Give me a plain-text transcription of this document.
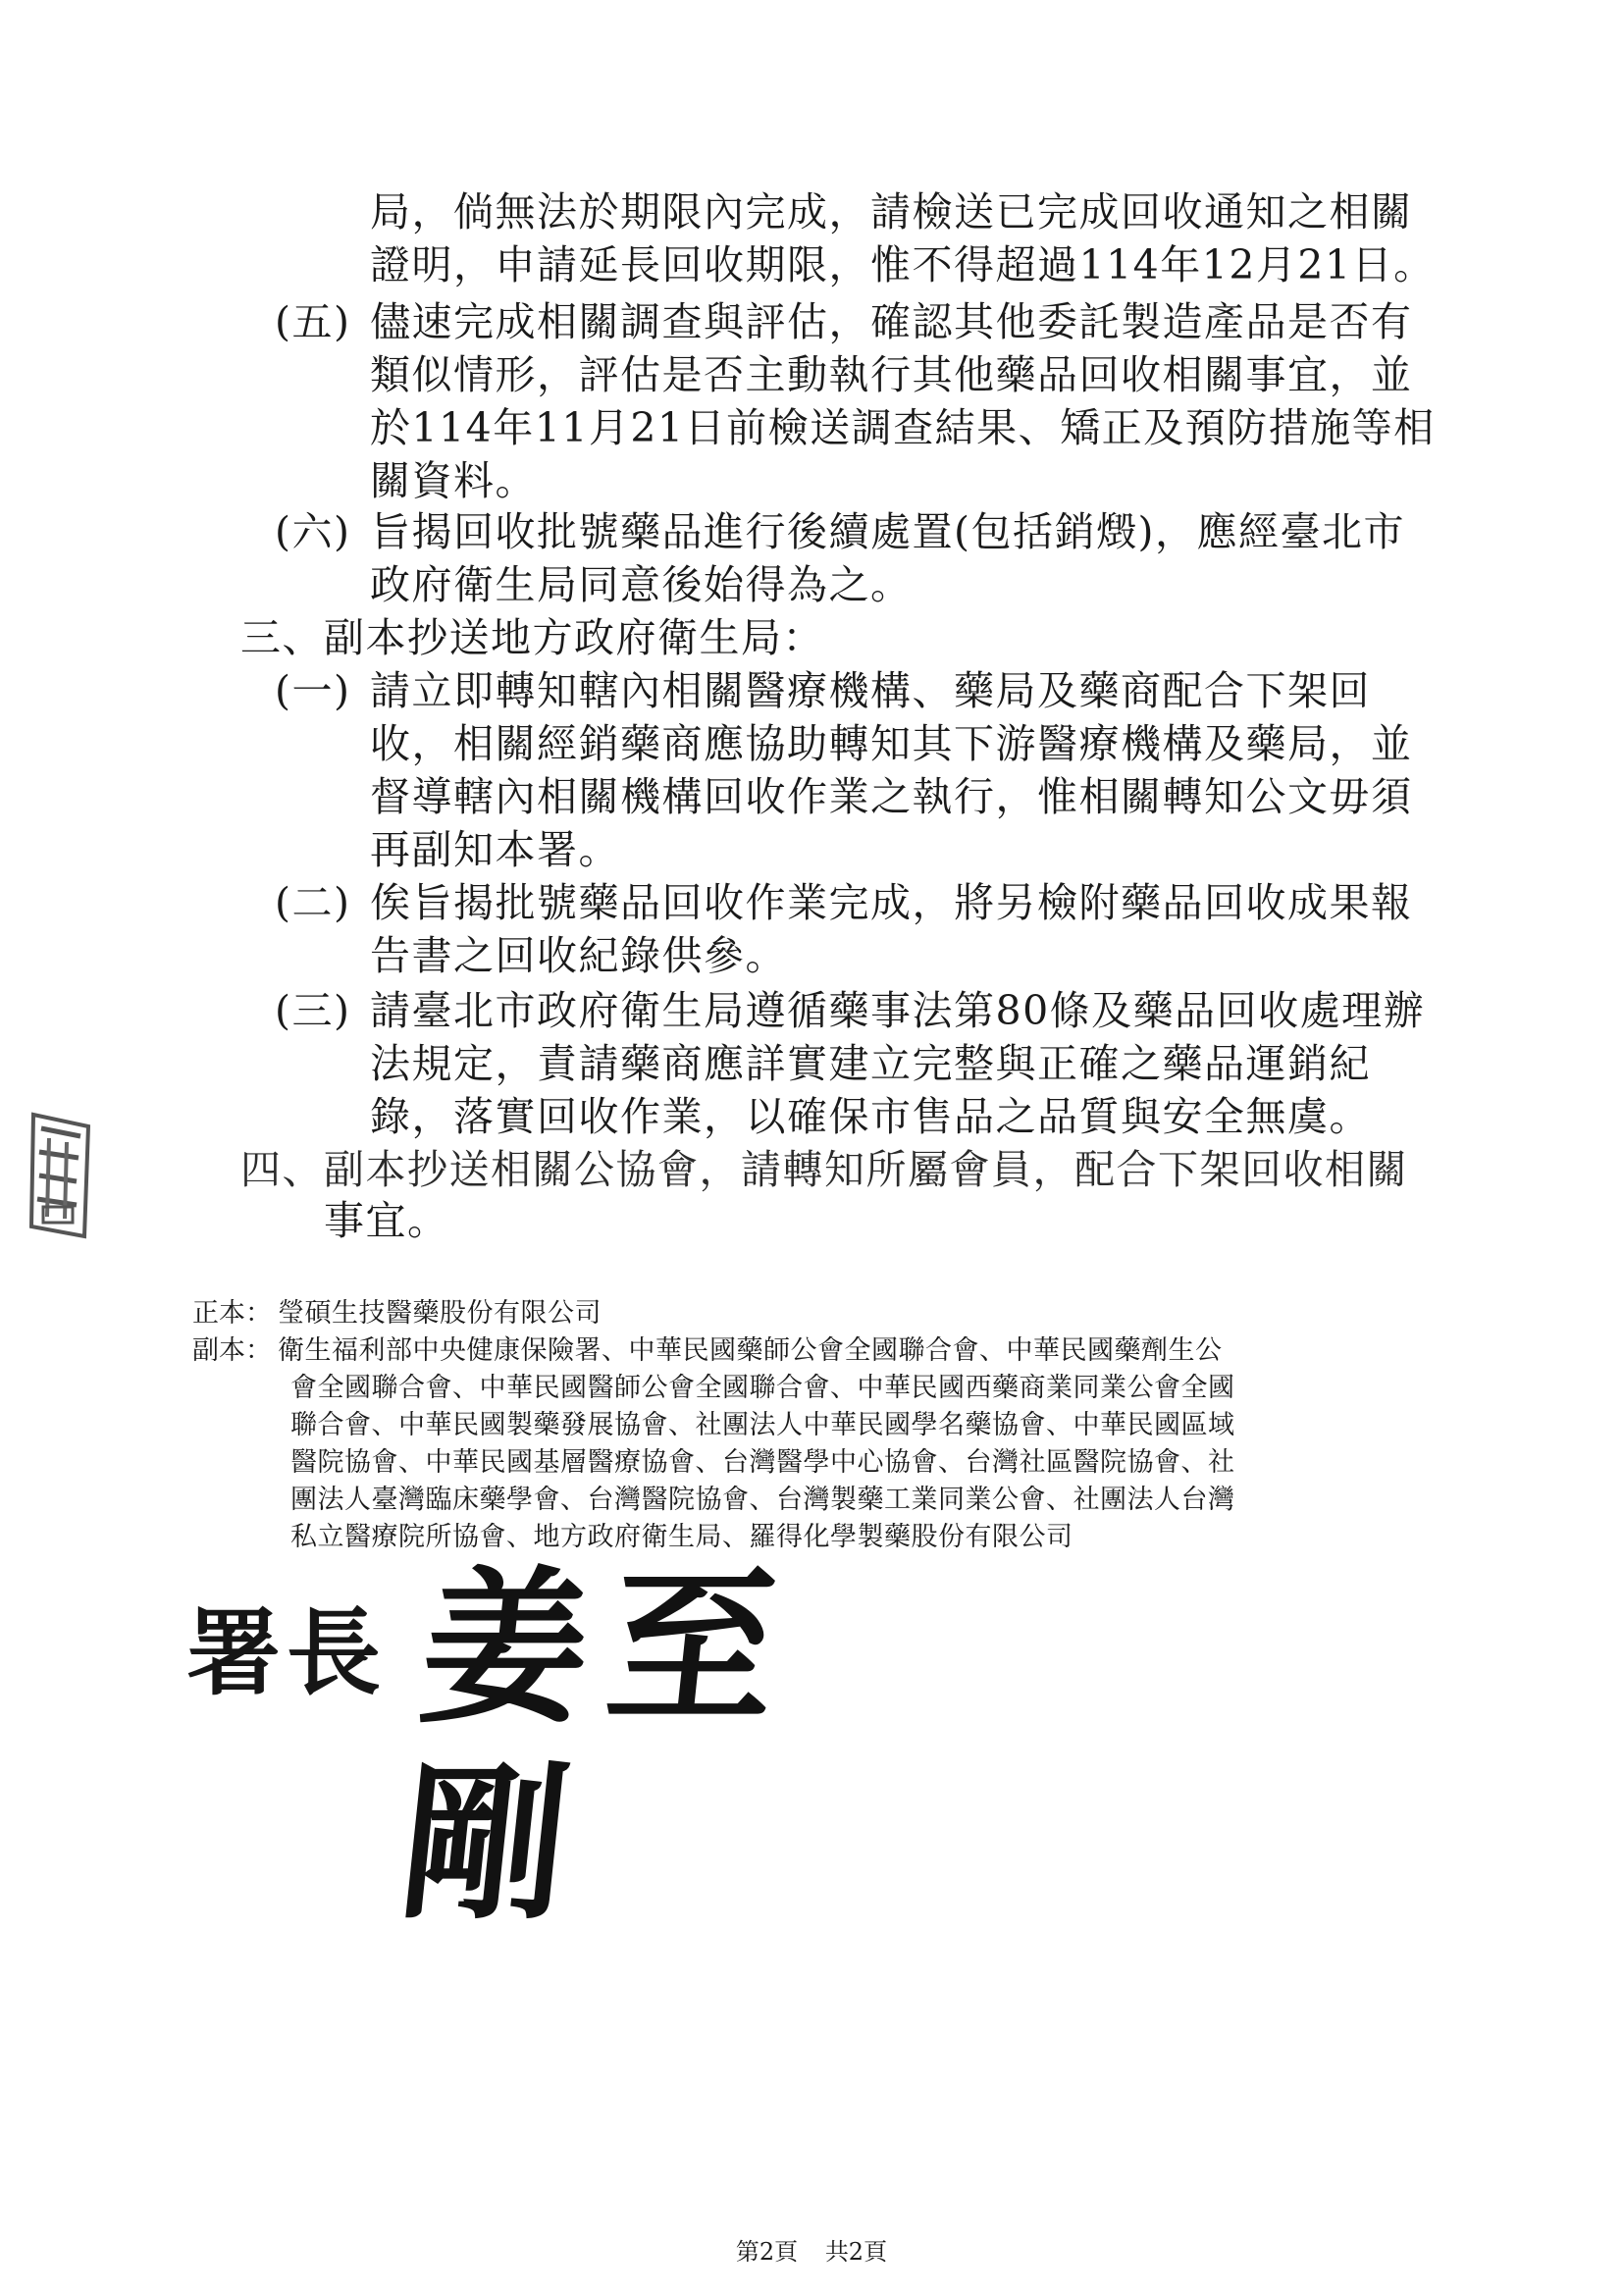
局，倘無法於期限內完成，請檢送已完成回收通知之相關
證明，申請延長回收期限，惟不得超過114年12月21日。
(五) 儘速完成相關調查與評估，確認其他委託製造產品是否有
類似情形，評估是否主動執行其他藥品回收相關事宜，並
於114年11月21日前檢送調查結果、矯正及預防措施等相
關資料。
(六) 旨揭回收批號藥品進行後續處置(包括銷燬)，應經臺北市
政府衛生局同意後始得為之。
三、副本抄送地方政府衛生局：
(一) 請立即轉知轄內相關醫療機構、藥局及藥商配合下架回
收，相關經銷藥商應協助轉知其下游醫療機構及藥局，並
督導轄內相關機構回收作業之執行，惟相關轉知公文毋須
再副知本署。
(二) 俟旨揭批號藥品回收作業完成，將另檢附藥品回收成果報
告書之回收紀錄供參。
(三) 請臺北市政府衛生局遵循藥事法第80條及藥品回收處理辦
法規定，責請藥商應詳實建立完整與正確之藥品運銷紀
錄，落實回收作業，以確保市售品之品質與安全無虞。
四、副本抄送相關公協會，請轉知所屬會員，配合下架回收相關
事宜。
正本： 瑩碩生技醫藥股份有限公司
副本： 衛生福利部中央健康保險署、中華民國藥師公會全國聯合會、中華民國藥劑生公
會全國聯合會、中華民國醫師公會全國聯合會、中華民國西藥商業同業公會全國
聯合會、中華民國製藥發展協會、社團法人中華民國學名藥協會、中華民國區域
醫院協會、中華民國基層醫療協會、台灣醫學中心協會、台灣社區醫院協會、社
團法人臺灣臨床藥學會、台灣醫院協會、台灣製藥工業同業公會、社團法人台灣
私立醫療院所協會、地方政府衛生局、羅得化學製藥股份有限公司
署長 姜至剛
第2頁 共2頁
